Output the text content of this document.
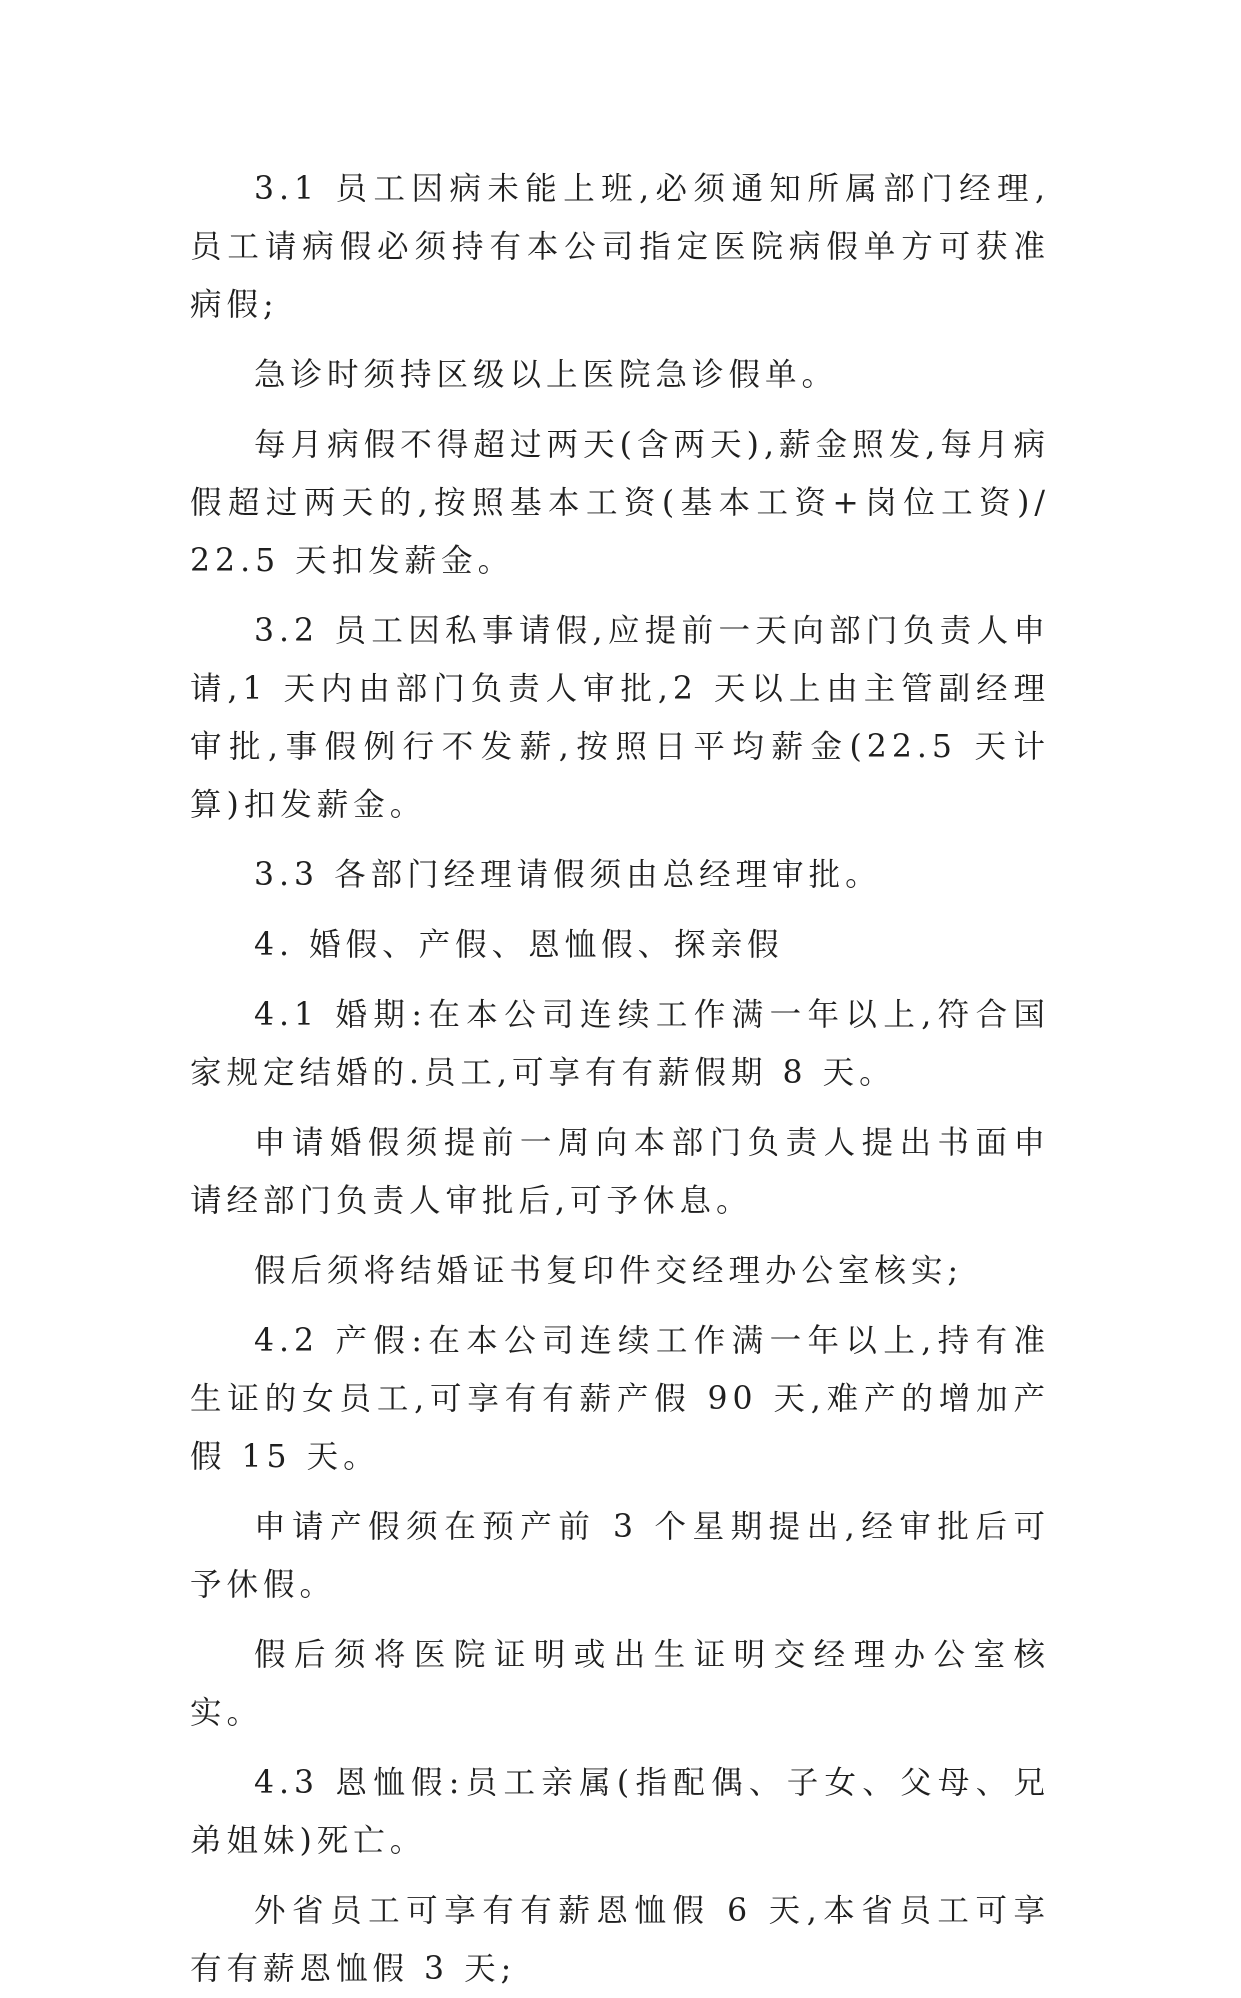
3.1 员工因病未能上班,必须通知所属部门经理,员工请病假必须持有本公司指定医院病假单方可获准病假;

急诊时须持区级以上医院急诊假单。

每月病假不得超过两天(含两天),薪金照发,每月病假超过两天的,按照基本工资(基本工资+岗位工资)/ 22.5 天扣发薪金。

3.2 员工因私事请假,应提前一天向部门负责人申请,1 天内由部门负责人审批,2 天以上由主管副经理审批,事假例行不发薪,按照日平均薪金(22.5 天计算)扣发薪金。

3.3 各部门经理请假须由总经理审批。

4. 婚假、产假、恩恤假、探亲假

4.1 婚期:在本公司连续工作满一年以上,符合国家规定结婚的.员工,可享有有薪假期 8 天。

申请婚假须提前一周向本部门负责人提出书面申请经部门负责人审批后,可予休息。

假后须将结婚证书复印件交经理办公室核实;

4.2 产假:在本公司连续工作满一年以上,持有准生证的女员工,可享有有薪产假 90 天,难产的增加产假 15 天。

申请产假须在预产前 3 个星期提出,经审批后可予休假。

假后须将医院证明或出生证明交经理办公室核实。

4.3 恩恤假:员工亲属(指配偶、子女、父母、兄弟姐妹)死亡。

外省员工可享有有薪恩恤假 6 天,本省员工可享有有薪恩恤假 3 天;
